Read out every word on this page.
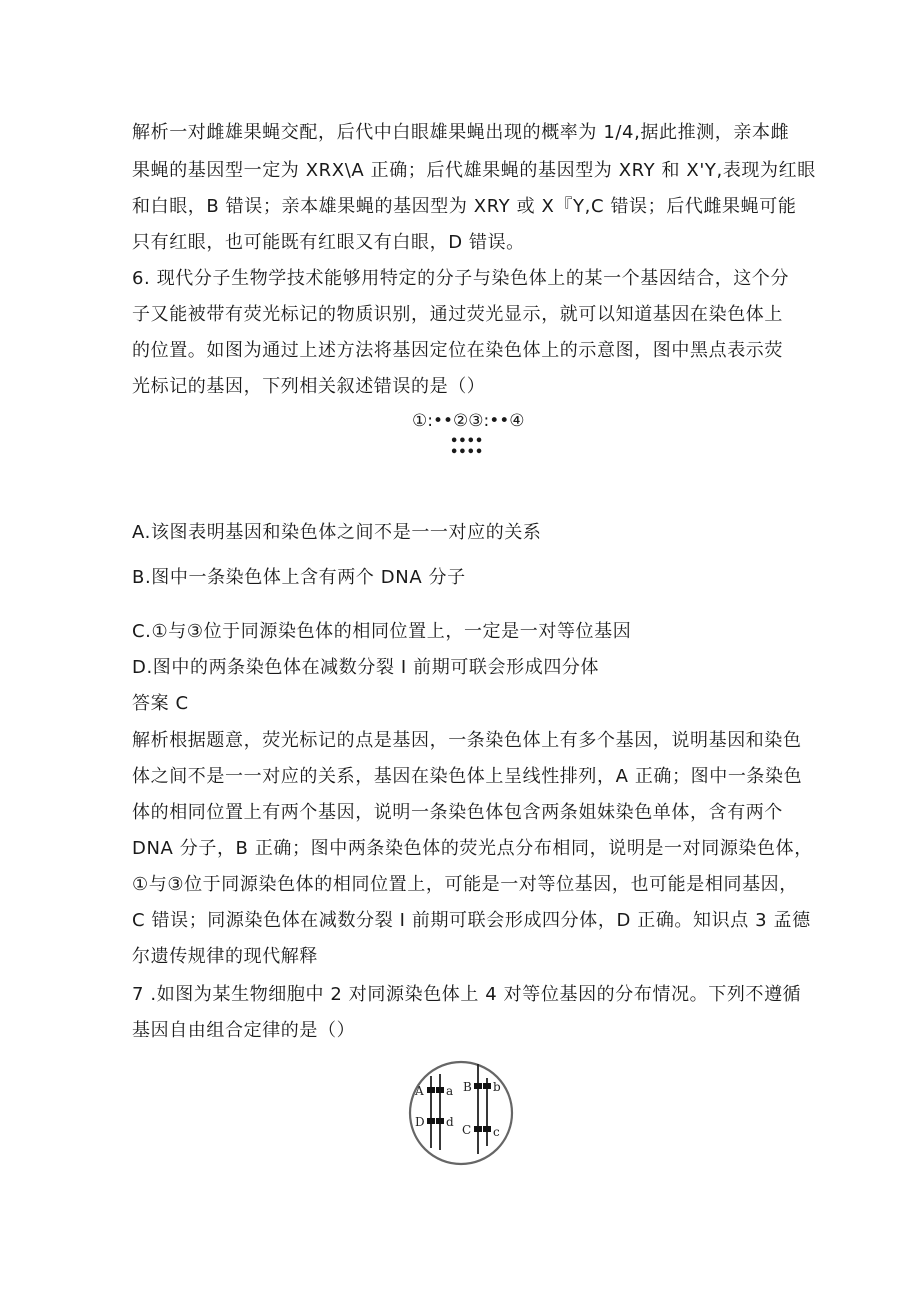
解析一对雌雄果蝇交配，后代中白眼雄果蝇出现的概率为 1/4,据此推测，亲本雌
果蝇的基因型一定为 XRX\A 正确；后代雄果蝇的基因型为 XRY 和 X'Y,表现为红眼
和白眼，B 错误；亲本雄果蝇的基因型为 XRY 或 X『Y,C 错误；后代雌果蝇可能
只有红眼，也可能既有红眼又有白眼，D 错误。
6. 现代分子生物学技术能够用特定的分子与染色体上的某一个基因结合，这个分
子又能被带有荧光标记的物质识别，通过荧光显示，就可以知道基因在染色体上
的位置。如图为通过上述方法将基因定位在染色体上的示意图，图中黑点表示荧
光标记的基因，下列相关叙述错误的是（）
①:••②③:••④
••••
••••
A.该图表明基因和染色体之间不是一一对应的关系
B.图中一条染色体上含有两个 DNA 分子
C.①与③位于同源染色体的相同位置上，一定是一对等位基因
D.图中的两条染色体在减数分裂 I 前期可联会形成四分体
答案 C
解析根据题意，荧光标记的点是基因，一条染色体上有多个基因，说明基因和染色
体之间不是一一对应的关系，基因在染色体上呈线性排列，A 正确；图中一条染色
体的相同位置上有两个基因，说明一条染色体包含两条姐妹染色单体，含有两个
DNA 分子，B 正确；图中两条染色体的荧光点分布相同，说明是一对同源染色体，
①与③位于同源染色体的相同位置上，可能是一对等位基因，也可能是相同基因，
C 错误；同源染色体在减数分裂 I 前期可联会形成四分体，D 正确。知识点 3 孟德
尔遗传规律的现代解释
7 .如图为某生物细胞中 2 对同源染色体上 4 对等位基因的分布情况。下列不遵循
基因自由组合定律的是（）
A a
D d
B b
C c
